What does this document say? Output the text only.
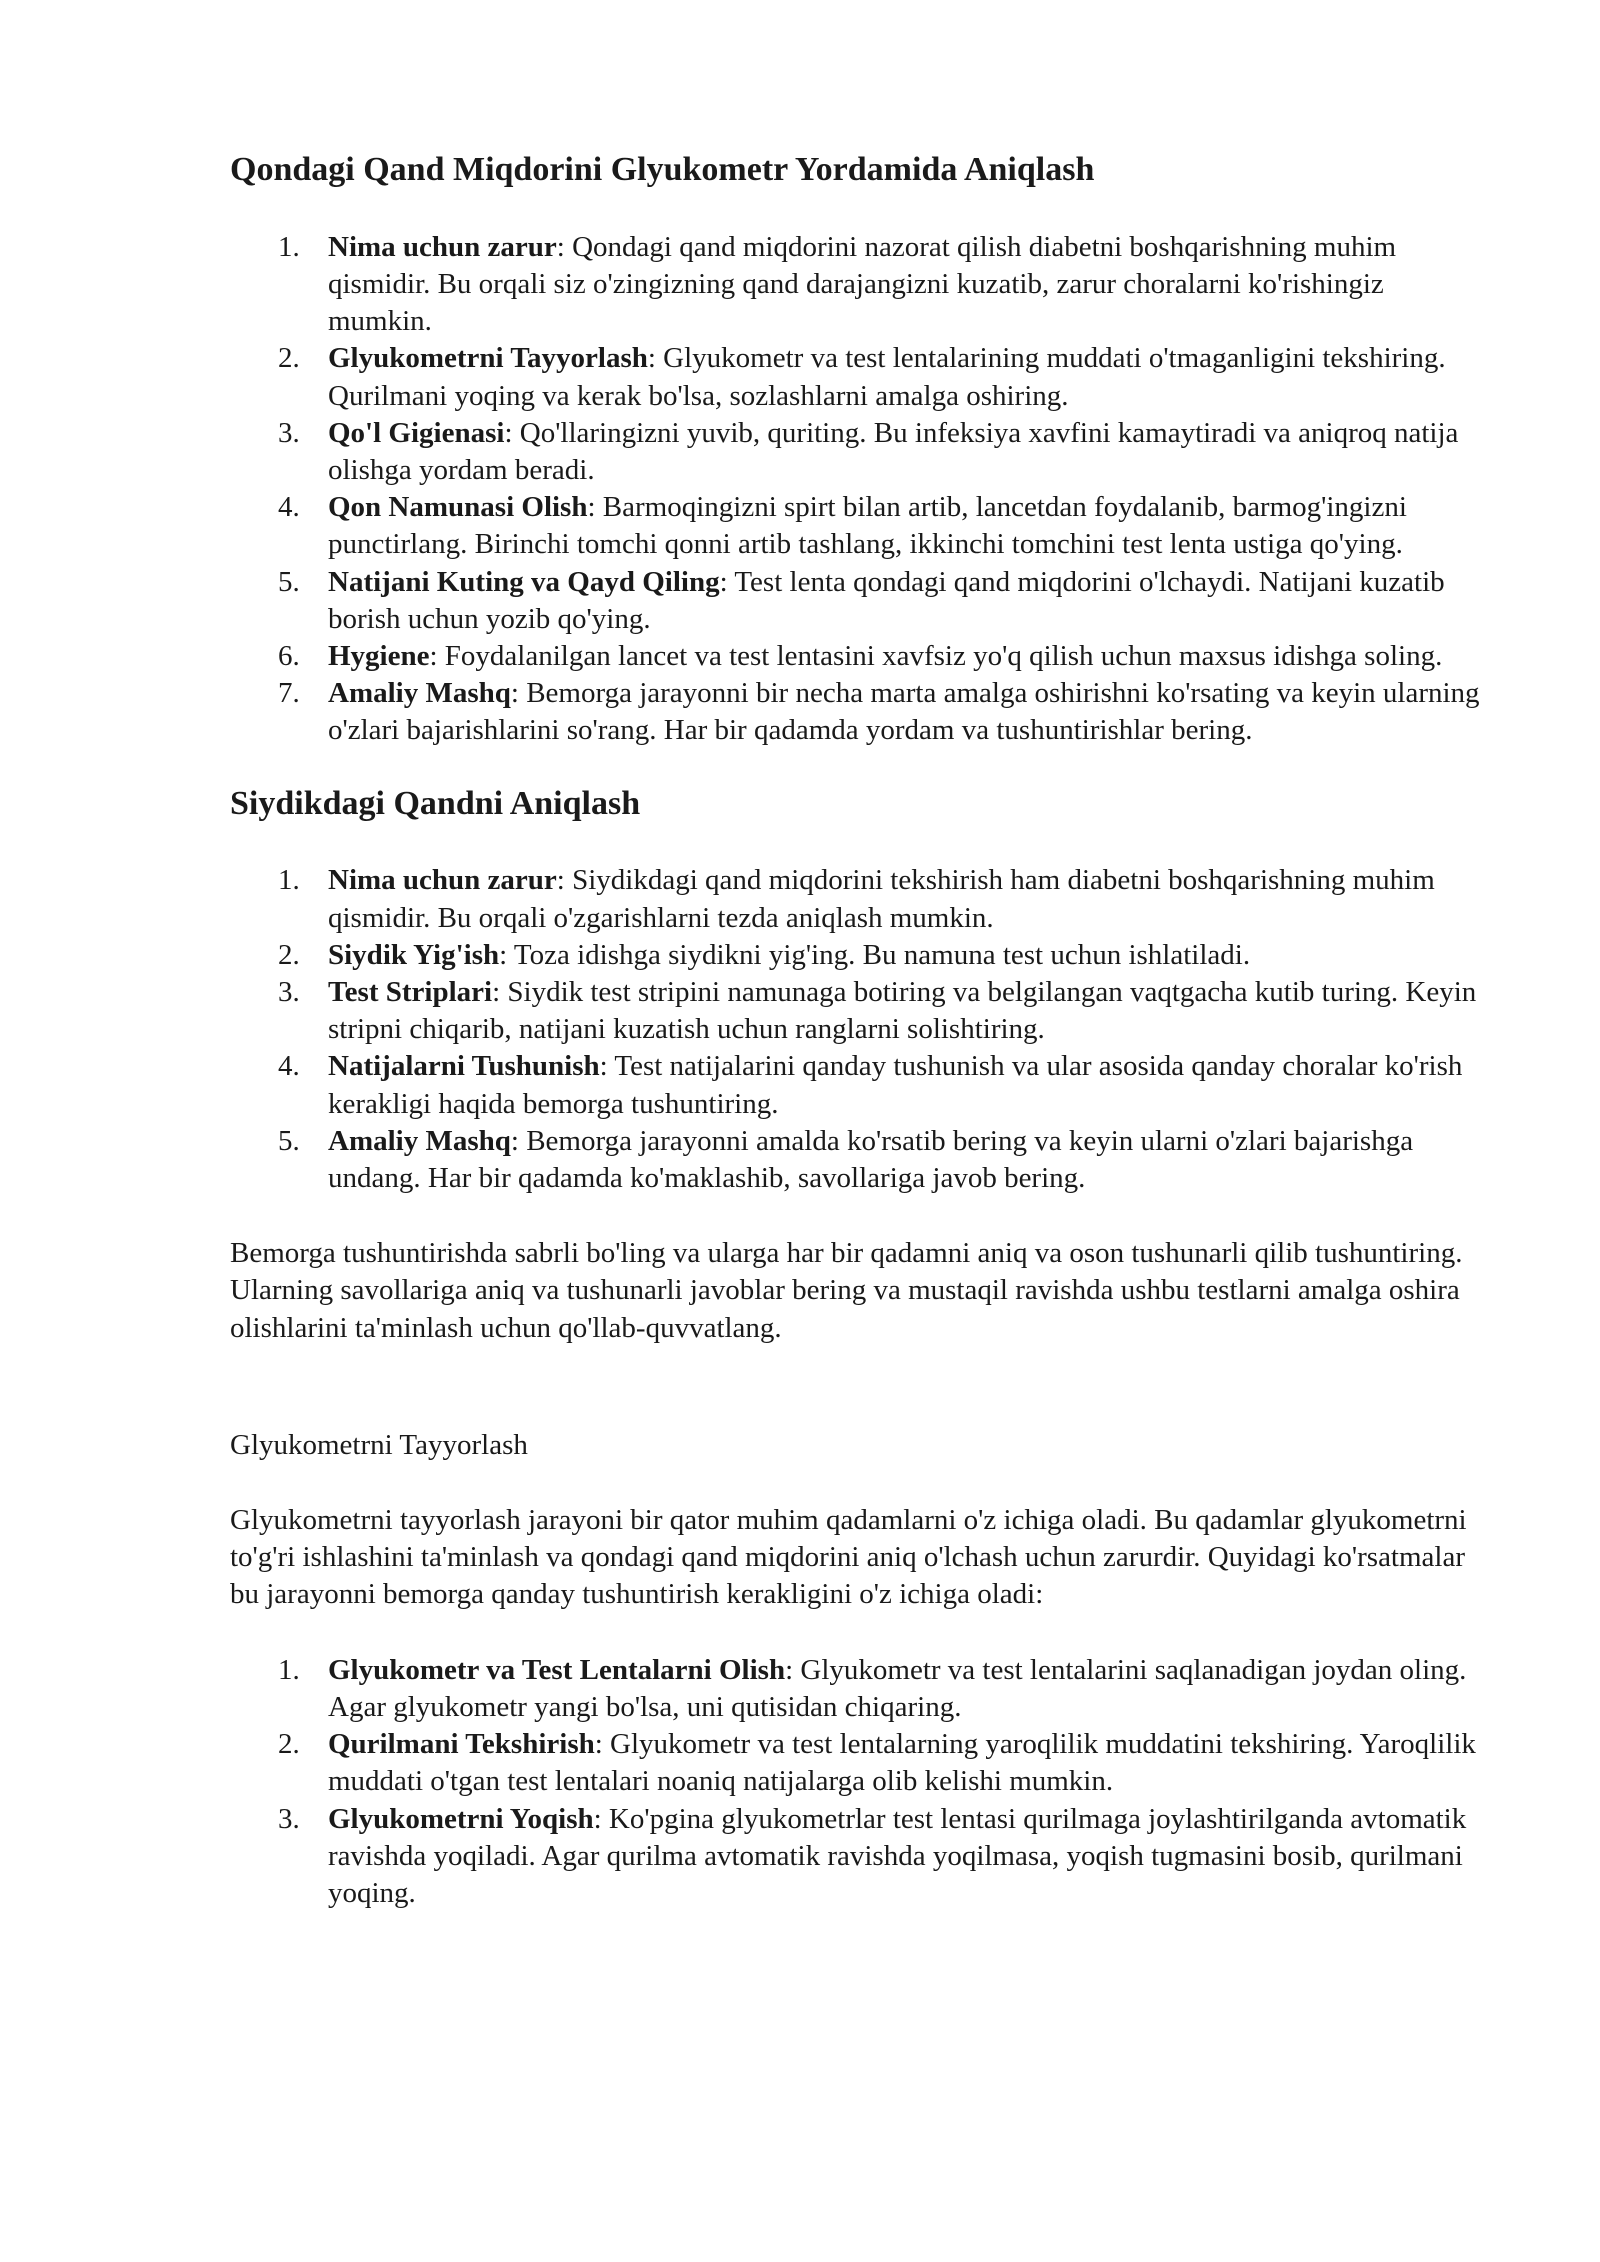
Qondagi Qand Miqdorini Glyukometr Yordamida Aniqlash
1. Nima uchun zarur: Qondagi qand miqdorini nazorat qilish diabetni boshqarishning muhim qismidir. Bu orqali siz o'zingizning qand darajangizni kuzatib, zarur choralarni ko'rishingiz mumkin.
2. Glyukometrni Tayyorlash: Glyukometr va test lentalarining muddati o'tmaganligini tekshiring. Qurilmani yoqing va kerak bo'lsa, sozlashlarni amalga oshiring.
3. Qo'l Gigienasi: Qo'llaringizni yuvib, quriting. Bu infeksiya xavfini kamaytiradi va aniqroq natija olishga yordam beradi.
4. Qon Namunasi Olish: Barmoqingizni spirt bilan artib, lancetdan foydalanib, barmog'ingizni punctirlang. Birinchi tomchi qonni artib tashlang, ikkinchi tomchini test lenta ustiga qo'ying.
5. Natijani Kuting va Qayd Qiling: Test lenta qondagi qand miqdorini o'lchaydi. Natijani kuzatib borish uchun yozib qo'ying.
6. Hygiene: Foydalanilgan lancet va test lentasini xavfsiz yo'q qilish uchun maxsus idishga soling.
7. Amaliy Mashq: Bemorga jarayonni bir necha marta amalga oshirishni ko'rsating va keyin ularning o'zlari bajarishlarini so'rang. Har bir qadamda yordam va tushuntirishlar bering.
Siydikdagi Qandni Aniqlash
1. Nima uchun zarur: Siydikdagi qand miqdorini tekshirish ham diabetni boshqarishning muhim qismidir. Bu orqali o'zgarishlarni tezda aniqlash mumkin.
2. Siydik Yig'ish: Toza idishga siydikni yig'ing. Bu namuna test uchun ishlatiladi.
3. Test Striplari: Siydik test stripini namunaga botiring va belgilangan vaqtgacha kutib turing. Keyin stripni chiqarib, natijani kuzatish uchun ranglarni solishtiring.
4. Natijalarni Tushunish: Test natijalarini qanday tushunish va ular asosida qanday choralar ko'rish kerakligi haqida bemorga tushuntiring.
5. Amaliy Mashq: Bemorga jarayonni amalda ko'rsatib bering va keyin ularni o'zlari bajarishga undang. Har bir qadamda ko'maklashib, savollariga javob bering.

Bemorga tushuntirishda sabrli bo'ling va ularga har bir qadamni aniq va oson tushunarli qilib tushuntiring. Ularning savollariga aniq va tushunarli javoblar bering va mustaqil ravishda ushbu testlarni amalga oshira olishlarini ta'minlash uchun qo'llab-quvvatlang.

Glyukometrni Tayyorlash

Glyukometrni tayyorlash jarayoni bir qator muhim qadamlarni o'z ichiga oladi. Bu qadamlar glyukometrni to'g'ri ishlashini ta'minlash va qondagi qand miqdorini aniq o'lchash uchun zarurdir. Quyidagi ko'rsatmalar bu jarayonni bemorga qanday tushuntirish kerakligini o'z ichiga oladi:

1. Glyukometr va Test Lentalarni Olish: Glyukometr va test lentalarini saqlanadigan joydan oling. Agar glyukometr yangi bo'lsa, uni qutisidan chiqaring.
2. Qurilmani Tekshirish: Glyukometr va test lentalarning yaroqlilik muddatini tekshiring. Yaroqlilik muddati o'tgan test lentalari noaniq natijalarga olib kelishi mumkin.
3. Glyukometrni Yoqish: Ko'pgina glyukometrlar test lentasi qurilmaga joylashtirilganda avtomatik ravishda yoqiladi. Agar qurilma avtomatik ravishda yoqilmasa, yoqish tugmasini bosib, qurilmani yoqing.
